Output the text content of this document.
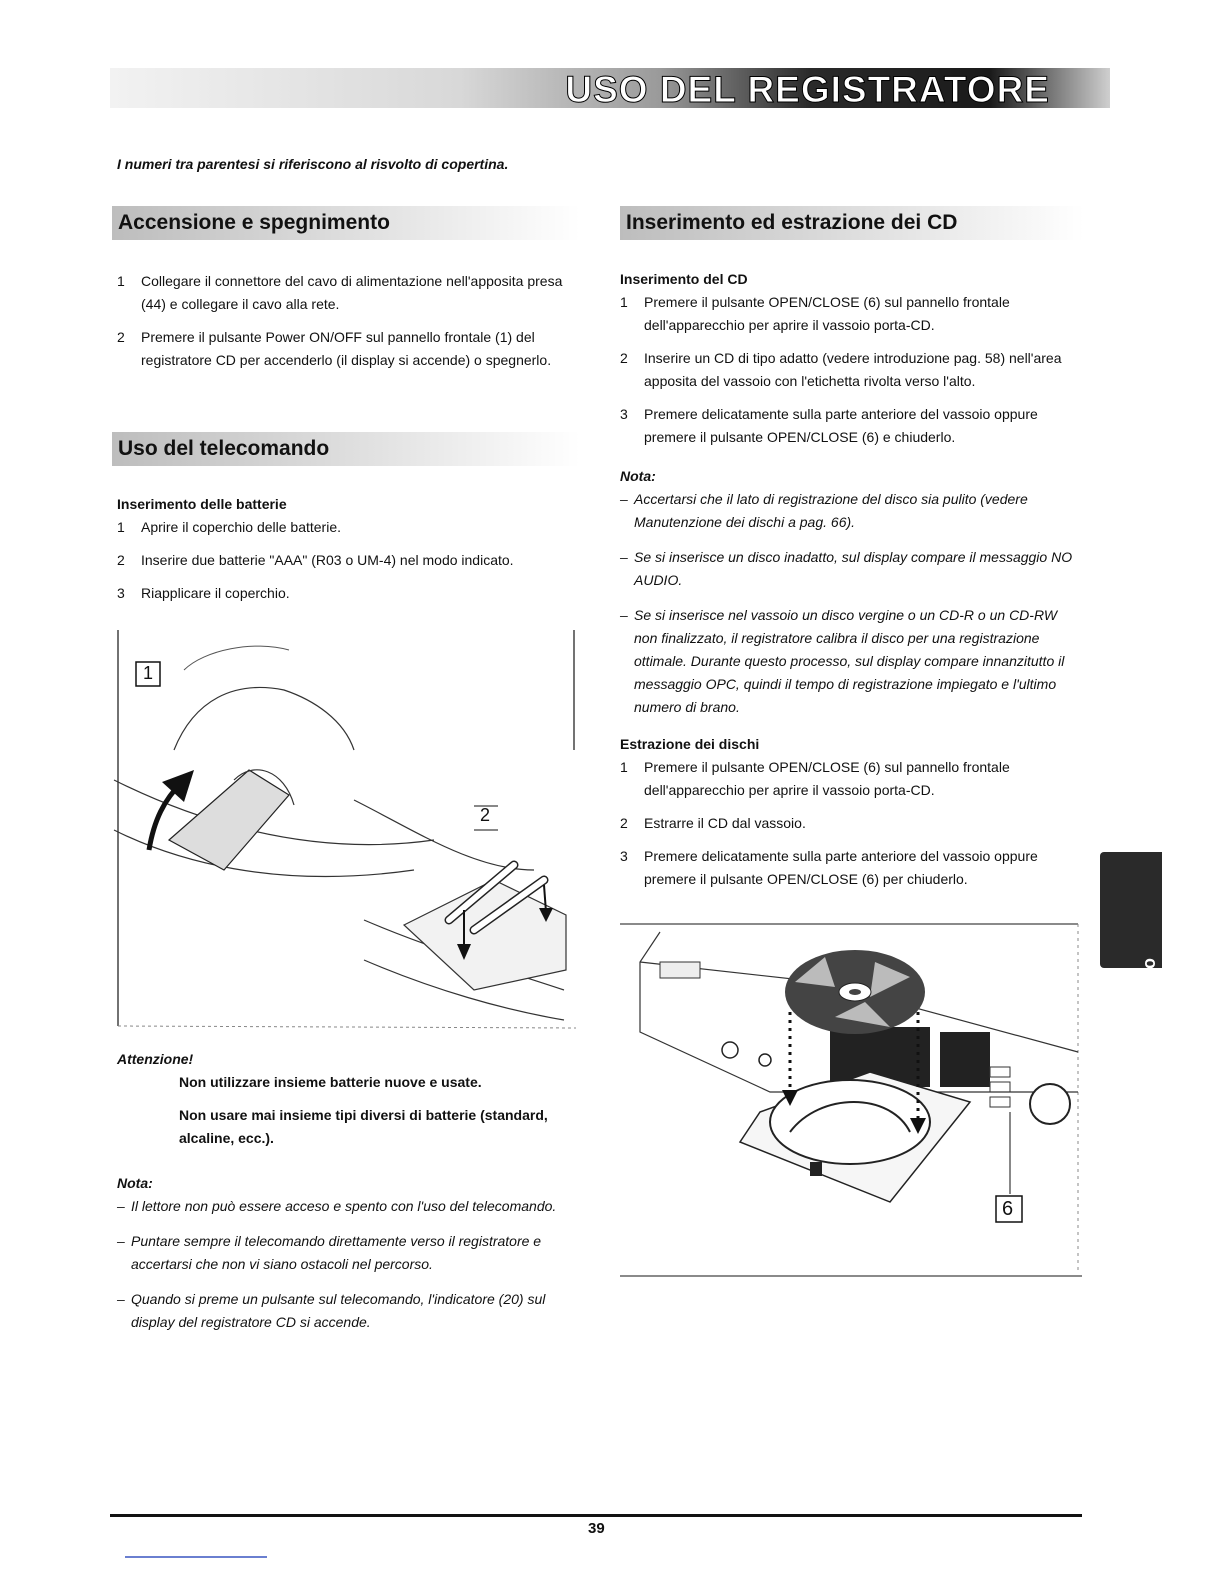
USO DEL REGISTRATORE
I numeri tra parentesi si riferiscono al risvolto di copertina.
Accensione e spegnimento
1 Collegare il connettore del cavo di alimentazione nell'apposita presa (44) e collegare il cavo alla rete.
2 Premere il pulsante Power ON/OFF sul pannello frontale (1) del registratore CD per accenderlo (il display si accende) o spegnerlo.
Uso del telecomando
Inserimento delle batterie
1 Aprire il coperchio delle batterie.
2 Inserire due batterie "AAA" (R03 o UM-4) nel modo indicato.
3 Riapplicare il coperchio.
1
2
Attenzione!

Non utilizzare insieme batterie nuove e usate.

Non usare mai insieme tipi diversi di batterie (standard, alcaline, ecc.).

Nota:
– Il lettore non può essere acceso e spento con l'uso del telecomando.
– Puntare sempre il telecomando direttamente verso il registratore e accertarsi che non vi siano ostacoli nel percorso.
– Quando si preme un pulsante sul telecomando, l'indicatore (20) sul display del registratore CD si accende.
Inserimento ed estrazione dei CD
Inserimento del CD
1 Premere il pulsante OPEN/CLOSE (6) sul pannello frontale dell'apparecchio per aprire il vassoio porta-CD.
2 Inserire un CD di tipo adatto (vedere introduzione pag. 58) nell'area apposita del vassoio con l'etichetta rivolta verso l'alto.
3 Premere delicatamente sulla parte anteriore del vassoio oppure premere il pulsante OPEN/CLOSE (6) e chiuderlo.
Nota:
– Accertarsi che il lato di registrazione del disco sia pulito (vedere Manutenzione dei dischi a pag. 66).
– Se si inserisce un disco inadatto, sul display compare il messaggio NO AUDIO.
– Se si inserisce nel vassoio un disco vergine o un CD-R o un CD-RW non finalizzato, il registratore calibra il disco per una registrazione ottimale. Durante questo processo, sul display compare innanzitutto il messaggio OPC, quindi il tempo di registrazione impiegato e l'ultimo numero di brano.
Estrazione dei dischi
1 Premere il pulsante OPEN/CLOSE (6) sul pannello frontale dell'apparecchio per aprire il vassoio porta-CD.
2 Estrarre il CD dal vassoio.
3 Premere delicatamente sulla parte anteriore del vassoio oppure premere il pulsante OPEN/CLOSE (6) per chiuderlo.
6
Italiano
39
